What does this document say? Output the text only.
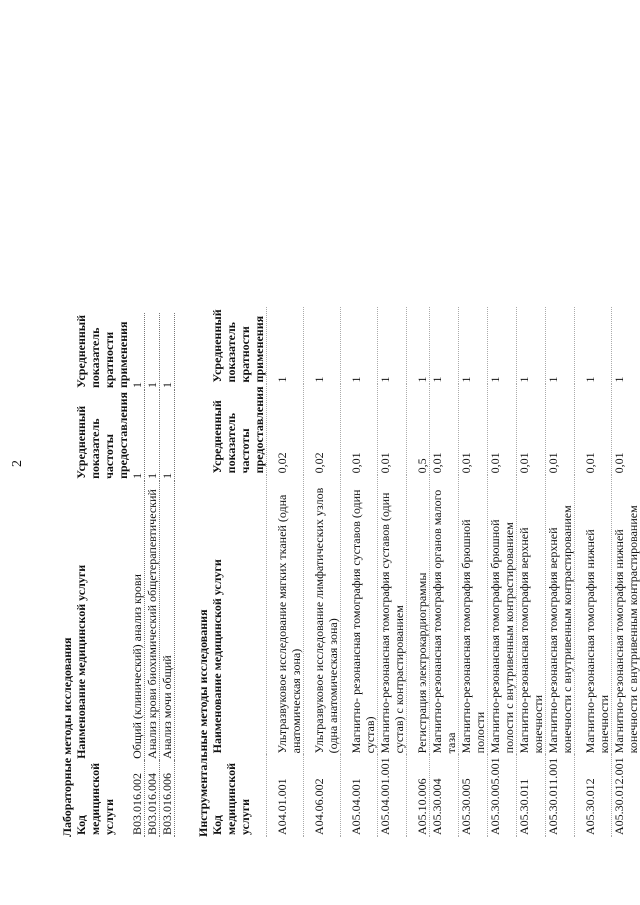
2
Лабораторные методы исследования Код медицинской услуги	Наименование медицинской услуги	Усредненный показатель частоты предоставления	Усредненный показатель кратности применения
B03.016.002	Общий (клинический) анализ крови	1	1
B03.016.004	Анализ крови биохимический общетерапевтический	1	1
B03.016.006	Анализ мочи общий	1	1
Инструментальные методы исследования Код медицинской услуги	Наименование медицинской услуги	Усредненный показатель частоты предоставления	Усредненный показатель кратности применения
A04.01.001	Ультразвуковое исследование мягких тканей (одна анатомическая зона)	0,02	1
A04.06.002	Ультразвуковое исследование лимфатических узлов (одна анатомическая зона)	0,02	1
A05.04.001	Магнитно- резонансная томография суставов (один сустав)	0,01	1
A05.04.001.001	Магнитно-резонансная томография суставов (один сустав) с контрастированием	0,01	1
A05.10.006	Регистрация электрокардиограммы	0,5	1
A05.30.004	Магнитно-резонансная томография органов малого таза	0,01	1
A05.30.005	Магнитно-резонансная томография брюшной полости	0,01	1
A05.30.005.001	Магнитно-резонансная томография брюшной полости с внутривенным контрастированием	0,01	1
A05.30.011	Магнитно-резонансная томография верхней конечности	0,01	1
A05.30.011.001	Магнитно-резонансная томография верхней конечности с внутривенным контрастированием	0,01	1
A05.30.012	Магнитно-резонансная томография нижней конечности	0,01	1
A05.30.012.001	Магнитно-резонансная томография нижней конечности с внутривенным контрастированием	0,01	1
